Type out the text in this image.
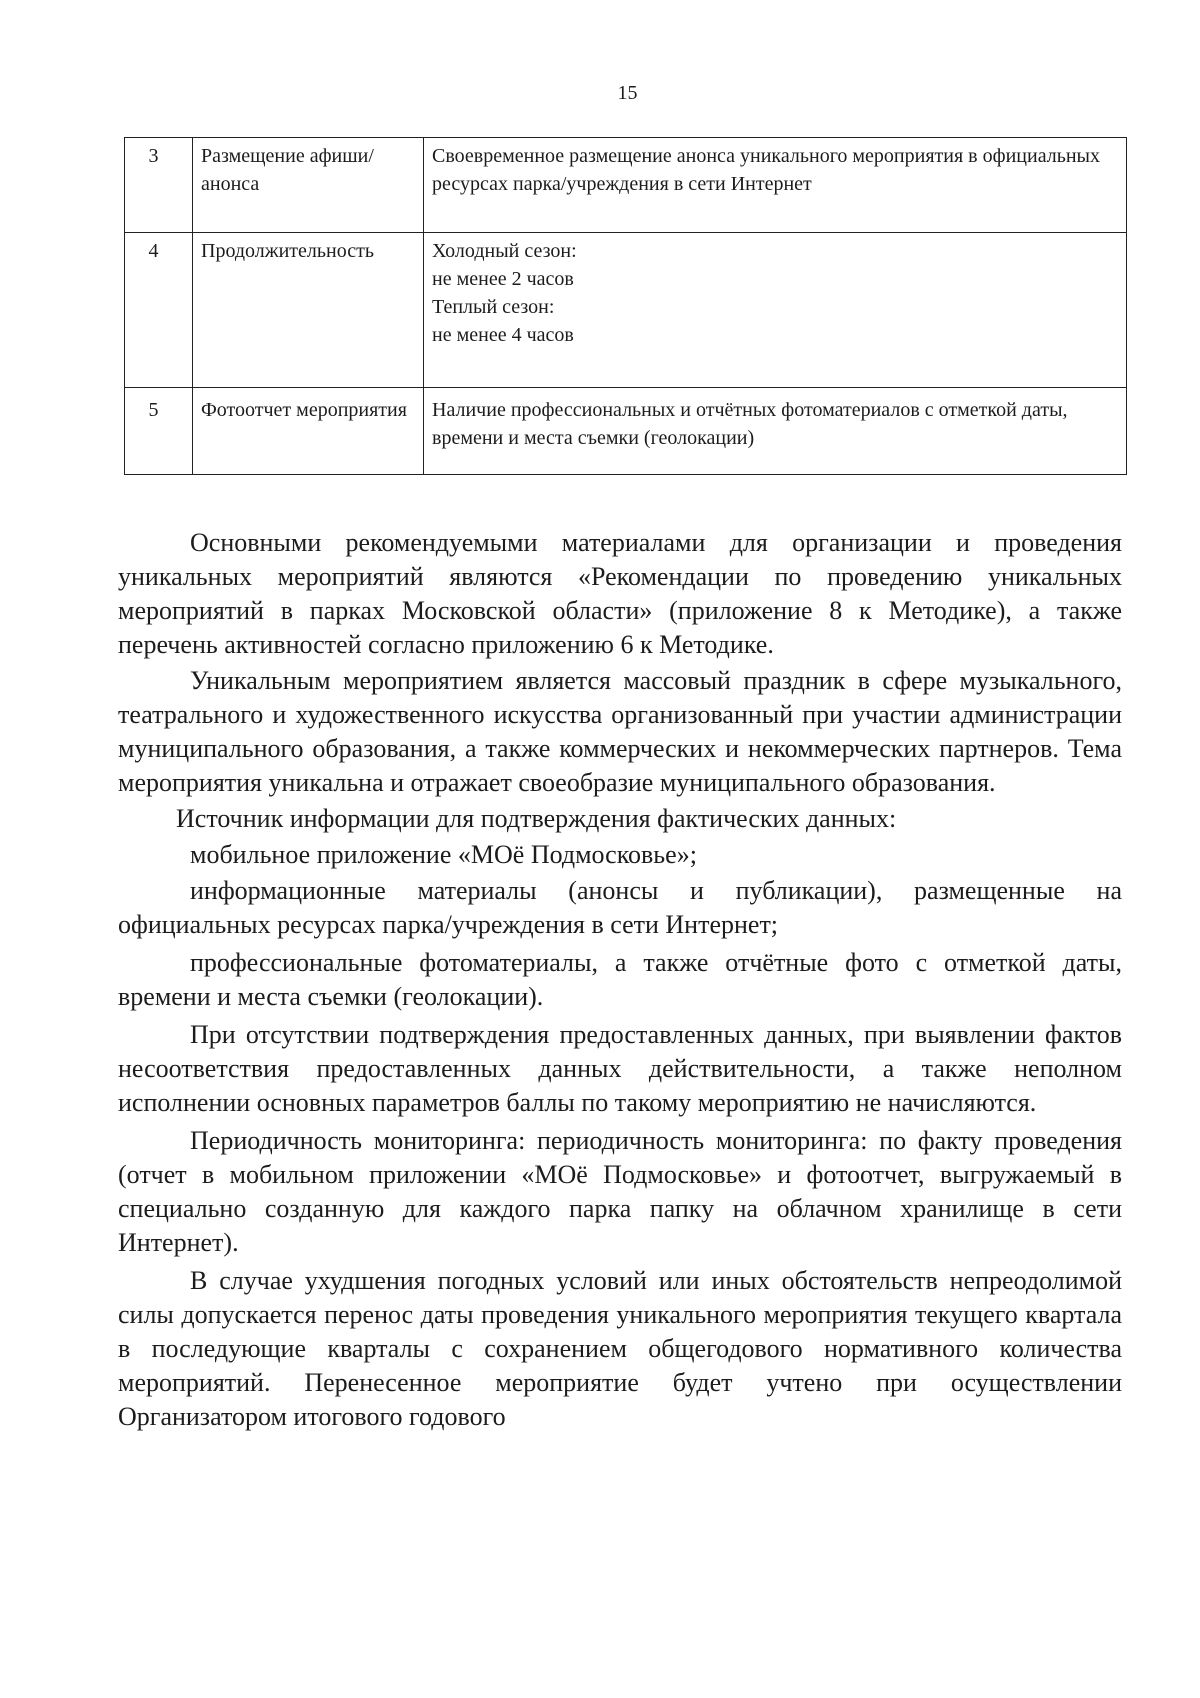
15
3	Размещение афиши/анонса	Своевременное размещение анонса уникального мероприятия в официальных ресурсах парка/учреждения в сети Интернет

4	Продолжительность	Холодный сезон:
не менее 2 часов
Теплый сезон:
не менее 4 часов

5	Фотоотчет мероприятия	Наличие профессиональных и отчётных фотоматериалов с отметкой даты, времени и места съемки (геолокации)

Основными рекомендуемыми материалами для организации и проведения уникальных мероприятий являются «Рекомендации по проведению уникальных мероприятий в парках Московской области» (приложение 8 к Методике), а также перечень активностей согласно приложению 6 к Методике.

Уникальным мероприятием является массовый праздник в сфере музыкального, театрального и художественного искусства организованный при участии администрации муниципального образования, а также коммерческих и некоммерческих партнеров. Тема мероприятия уникальна и отражает своеобразие муниципального образования.

Источник информации для подтверждения фактических данных:

мобильное приложение «МОё Подмосковье»;

информационные материалы (анонсы и публикации), размещенные на официальных ресурсах парка/учреждения в сети Интернет;

профессиональные фотоматериалы, а также отчётные фото с отметкой даты, времени и места съемки (геолокации).

При отсутствии подтверждения предоставленных данных, при выявлении фактов несоответствия предоставленных данных действительности, а также неполном исполнении основных параметров баллы по такому мероприятию не начисляются.

Периодичность мониторинга: периодичность мониторинга: по факту проведения (отчет в мобильном приложении «МОё Подмосковье» и фотоотчет, выгружаемый в специально созданную для каждого парка папку на облачном хранилище в сети Интернет).

В случае ухудшения погодных условий или иных обстоятельств непреодолимой силы допускается перенос даты проведения уникального мероприятия текущего квартала в последующие кварталы с сохранением общегодового нормативного количества мероприятий. Перенесенное мероприятие будет учтено при осуществлении Организатором итогового годового
